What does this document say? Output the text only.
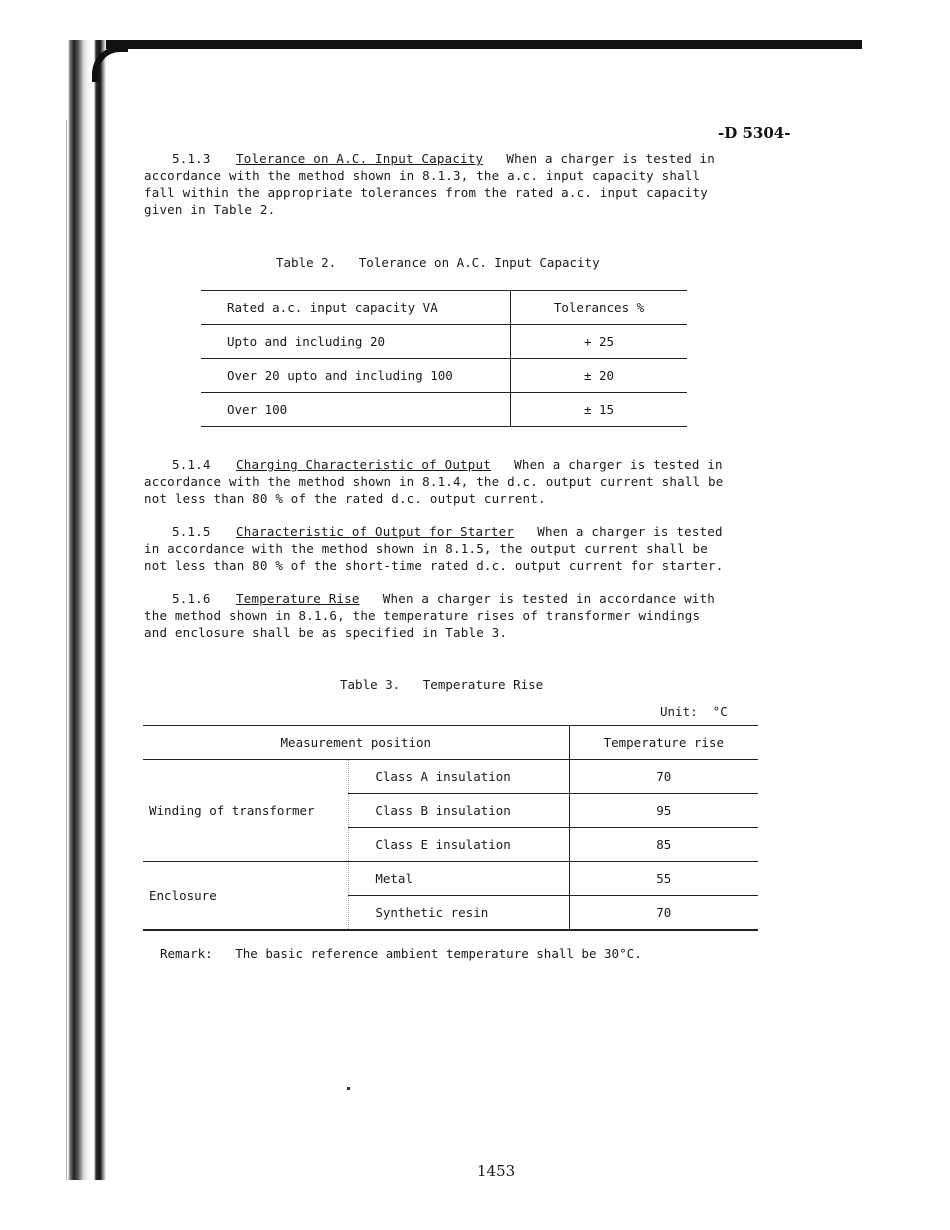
-D 5304-
5.1.3 Tolerance on A.C. Input Capacity   When a charger is tested in
accordance with the method shown in 8.1.3, the a.c. input capacity shall
fall within the appropriate tolerances from the rated a.c. input capacity
given in Table 2.
Table 2.   Tolerance on A.C. Input Capacity
Rated a.c. input capacity VA	Tolerances %
Upto and including 20	+ 25
Over 20 upto and including 100	± 20
Over 100	± 15
5.1.4 Charging Characteristic of Output   When a charger is tested in
accordance with the method shown in 8.1.4, the d.c. output current shall be
not less than 80 % of the rated d.c. output current.
5.1.5 Characteristic of Output for Starter   When a charger is tested
in accordance with the method shown in 8.1.5, the output current shall be
not less than 80 % of the short-time rated d.c. output current for starter.
5.1.6 Temperature Rise   When a charger is tested in accordance with
the method shown in 8.1.6, the temperature rises of transformer windings
and enclosure shall be as specified in Table 3.
Table 3.   Temperature Rise
Unit:  °C
Measurement position		Temperature rise
Winding of transformer	Class A insulation	70
	Class B insulation	95
	Class E insulation	85
Enclosure	Metal	55
	Synthetic resin	70
Remark:   The basic reference ambient temperature shall be 30°C.
1453
